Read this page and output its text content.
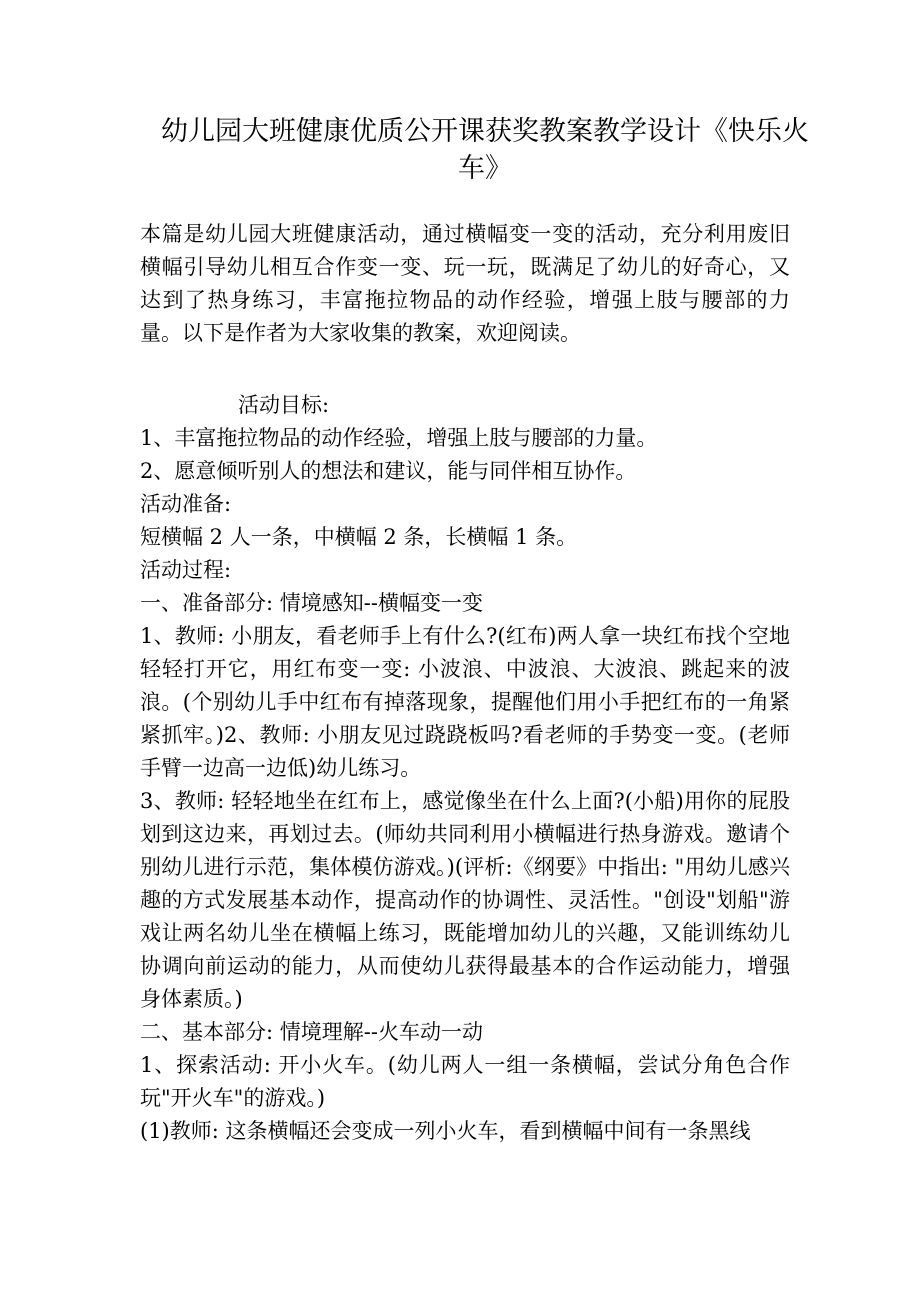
幼儿园大班健康优质公开课获奖教案教学设计《快乐火车》

本篇是幼儿园大班健康活动，通过横幅变一变的活动，充分利用废旧横幅引导幼儿相互合作变一变、玩一玩，既满足了幼儿的好奇心，又达到了热身练习，丰富拖拉物品的动作经验，增强上肢与腰部的力量。以下是作者为大家收集的教案，欢迎阅读。

活动目标:

1、丰富拖拉物品的动作经验，增强上肢与腰部的力量。

2、愿意倾听别人的想法和建议，能与同伴相互协作。

活动准备:

短横幅 2 人一条，中横幅 2 条，长横幅 1 条。

活动过程:

一、准备部分: 情境感知--横幅变一变

1、教师: 小朋友，看老师手上有什么?(红布)两人拿一块红布找个空地轻轻打开它，用红布变一变: 小波浪、中波浪、大波浪、跳起来的波浪。(个别幼儿手中红布有掉落现象，提醒他们用小手把红布的一角紧紧抓牢。)2、教师: 小朋友见过跷跷板吗?看老师的手势变一变。(老师手臂一边高一边低)幼儿练习。

3、教师: 轻轻地坐在红布上，感觉像坐在什么上面?(小船)用你的屁股划到这边来，再划过去。(师幼共同利用小横幅进行热身游戏。邀请个别幼儿进行示范，集体模仿游戏。)(评析:《纲要》中指出: "用幼儿感兴趣的方式发展基本动作，提高动作的协调性、灵活性。"创设"划船"游戏让两名幼儿坐在横幅上练习，既能增加幼儿的兴趣，又能训练幼儿协调向前运动的能力，从而使幼儿获得最基本的合作运动能力，增强身体素质。)

二、基本部分: 情境理解--火车动一动

1、探索活动: 开小火车。(幼儿两人一组一条横幅，尝试分角色合作玩"开火车"的游戏。)

(1)教师: 这条横幅还会变成一列小火车，看到横幅中间有一条黑线
